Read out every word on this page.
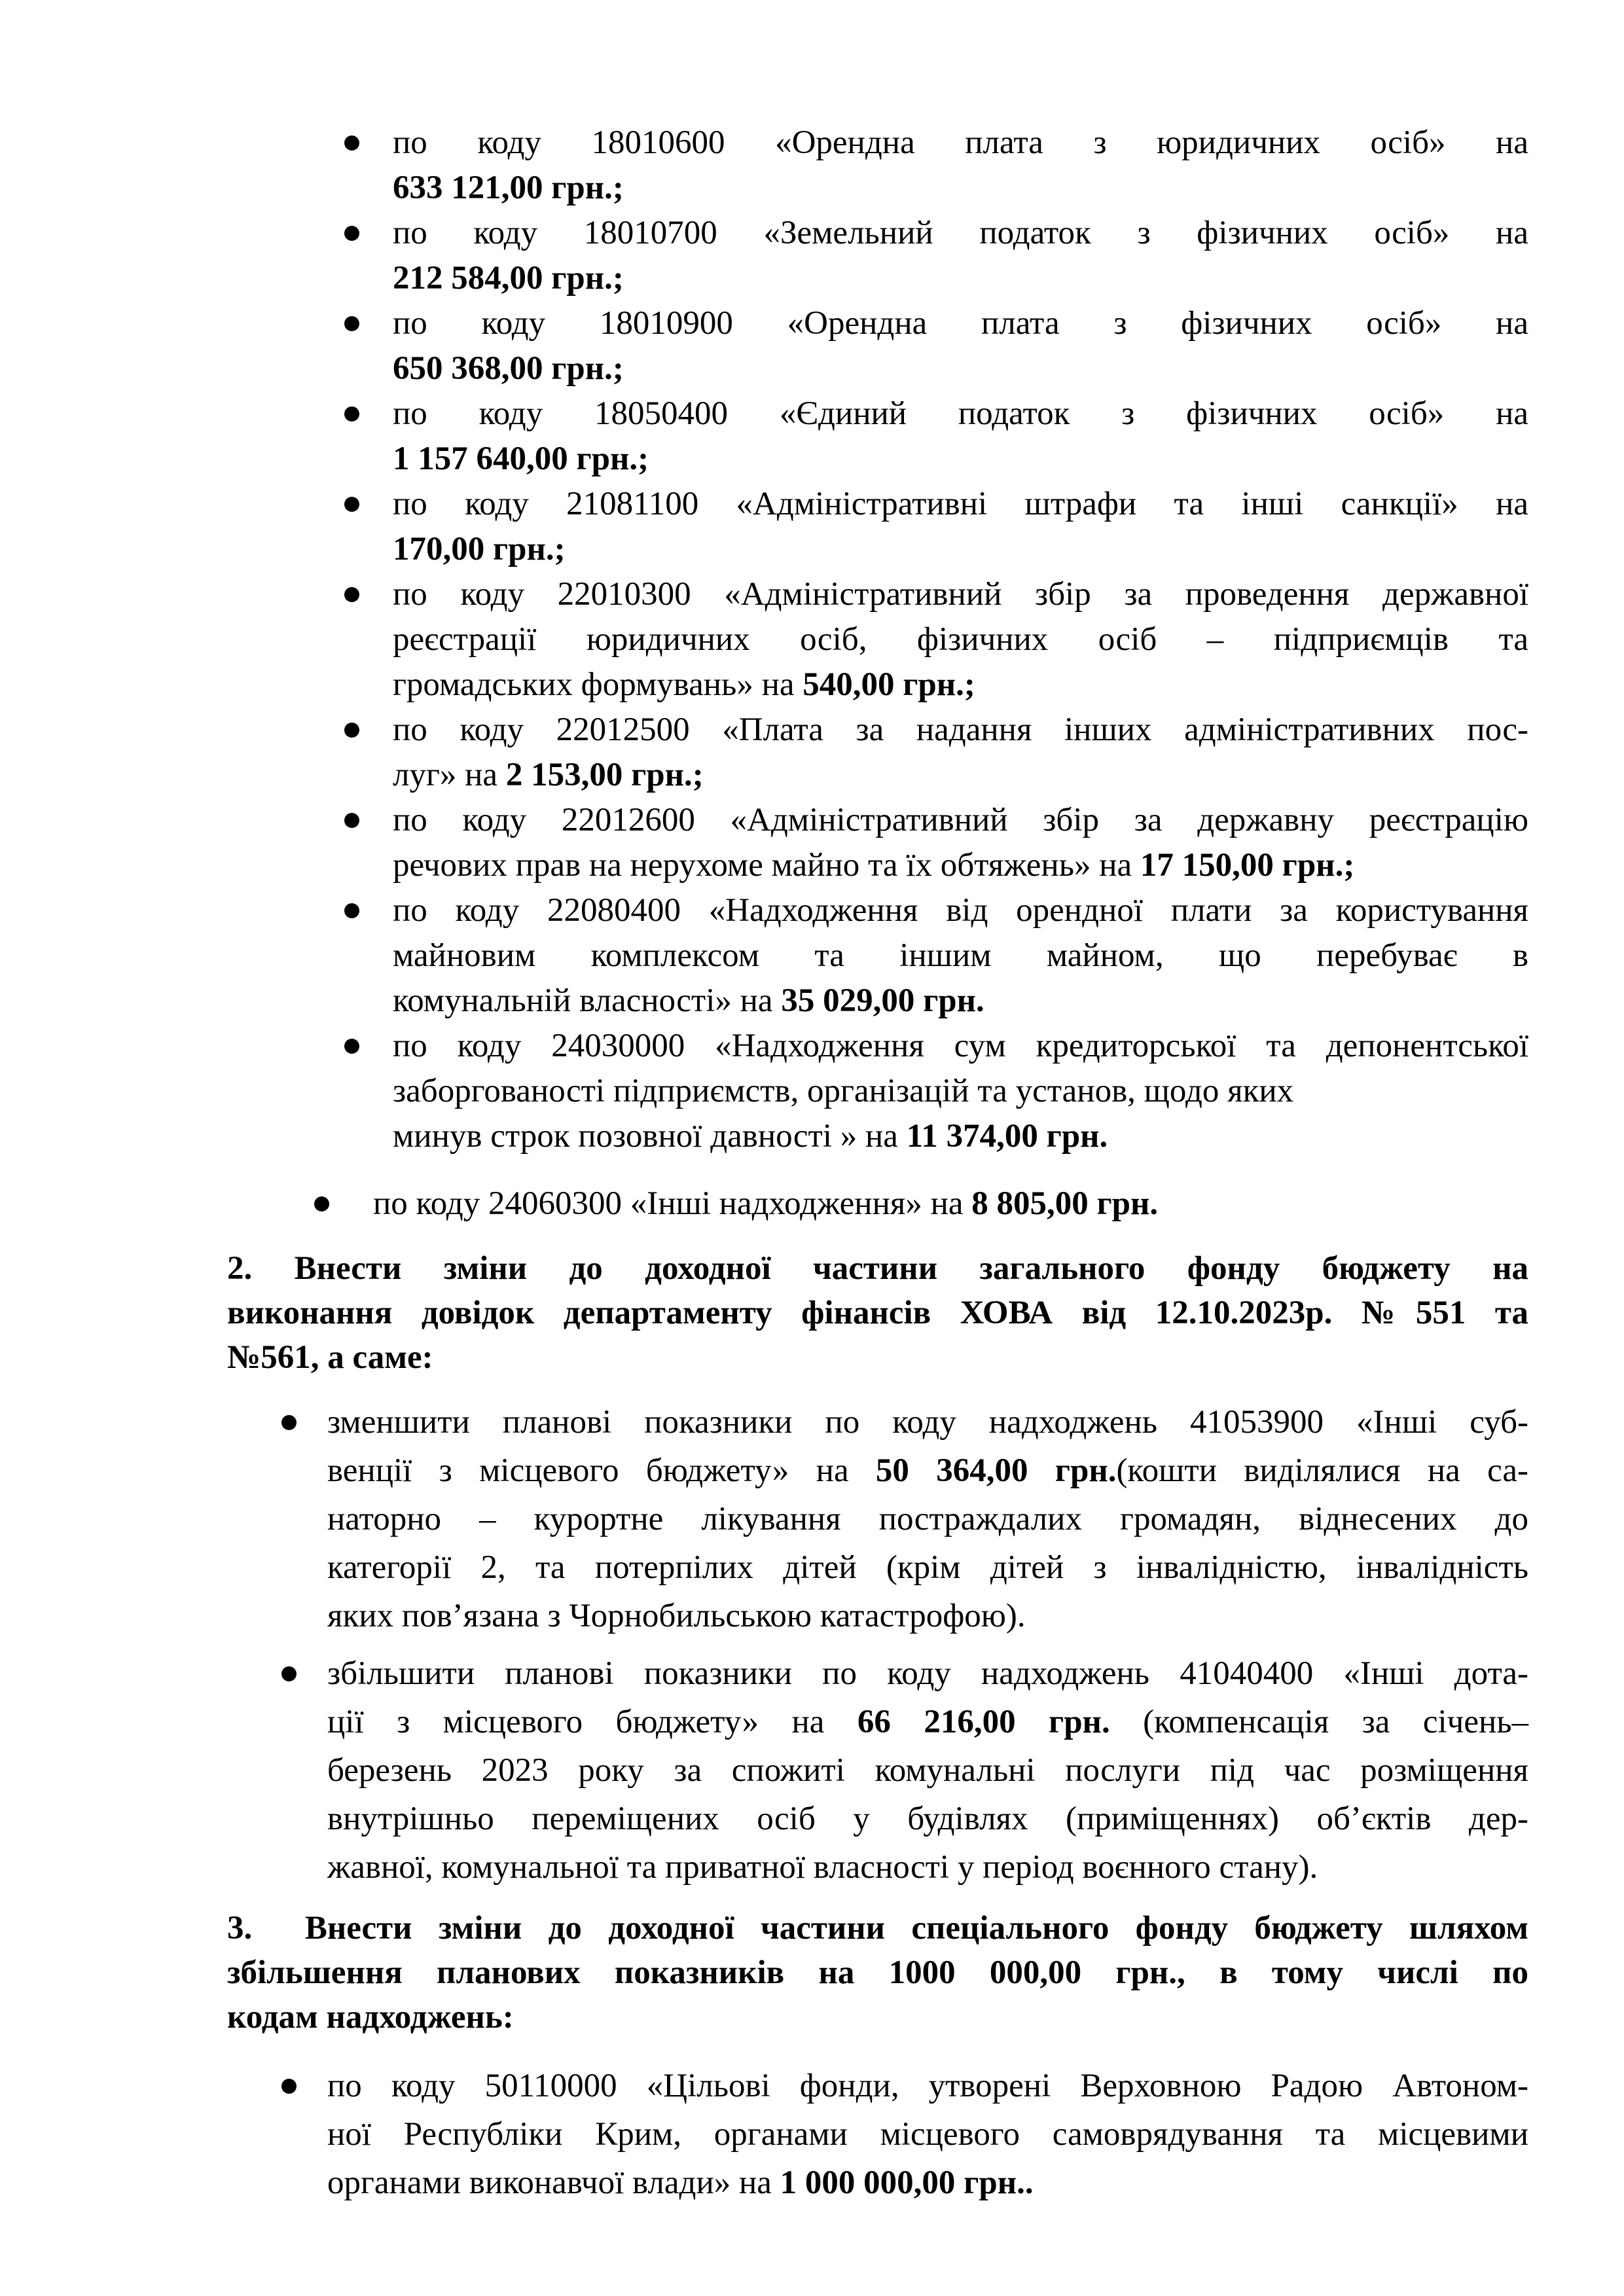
по коду 18010600 «Орендна плата з юридичних осіб» на
633 121,00 грн.;
по коду 18010700 «Земельний податок з фізичних осіб» на
212 584,00 грн.;
по коду 18010900 «Орендна плата з фізичних осіб» на
650 368,00 грн.;
по коду 18050400 «Єдиний податок з фізичних осіб» на
1 157 640,00 грн.;
по коду 21081100 «Адміністративні штрафи та інші санкції» на
170,00 грн.;
по коду 22010300 «Адміністративний збір за проведення державної
реєстрації юридичних осіб, фізичних осіб – підприємців та
громадських формувань» на 540,00 грн.;
по коду 22012500 «Плата за надання інших адміністративних пос-
луг» на 2 153,00 грн.;
по коду 22012600 «Адміністративний збір за державну реєстрацію
речових прав на нерухоме майно та їх обтяжень» на 17 150,00 грн.;
по коду 22080400 «Надходження від орендної плати за користування
майновим комплексом та іншим майном, що перебуває в
комунальній власності» на 35 029,00 грн.
по коду 24030000 «Надходження сум кредиторської та депонентської
заборгованості підприємств, організацій та установ, щодо яких
минув строк позовної давності » на 11 374,00 грн.
по коду 24060300 «Інші надходження» на 8 805,00 грн.
2. Внести зміни до доходної частини загального фонду бюджету на
виконання довідок департаменту фінансів ХОВА від 12.10.2023р. №551 та
№561, а саме:
зменшити планові показники по коду надходжень 41053900 «Інші суб-
венції з місцевого бюджету» на 50 364,00 грн.(кошти виділялися на са-
наторно – курортне лікування постраждалих громадян, віднесених до
категорії 2, та потерпілих дітей (крім дітей з інвалідністю, інвалідність
яких пов’язана з Чорнобильською катастрофою).
збільшити планові показники по коду надходжень 41040400 «Інші дота-
ції з місцевого бюджету» на 66 216,00 грн. (компенсація за січень–
березень 2023 року за спожиті комунальні послуги під час розміщення
внутрішньо переміщених осіб у будівлях (приміщеннях) об’єктів дер-
жавної, комунальної та приватної власності у період воєнного стану).
3.  Внести зміни до доходної частини спеціального фонду бюджету шляхом
збільшення планових показників на 1000 000,00 грн., в тому числі по
кодам надходжень:
по коду 50110000 «Цільові фонди, утворені Верховною Радою Автоном-
ної Республіки Крим, органами місцевого самоврядування та місцевими
органами виконавчої влади» на 1 000 000,00 грн..
